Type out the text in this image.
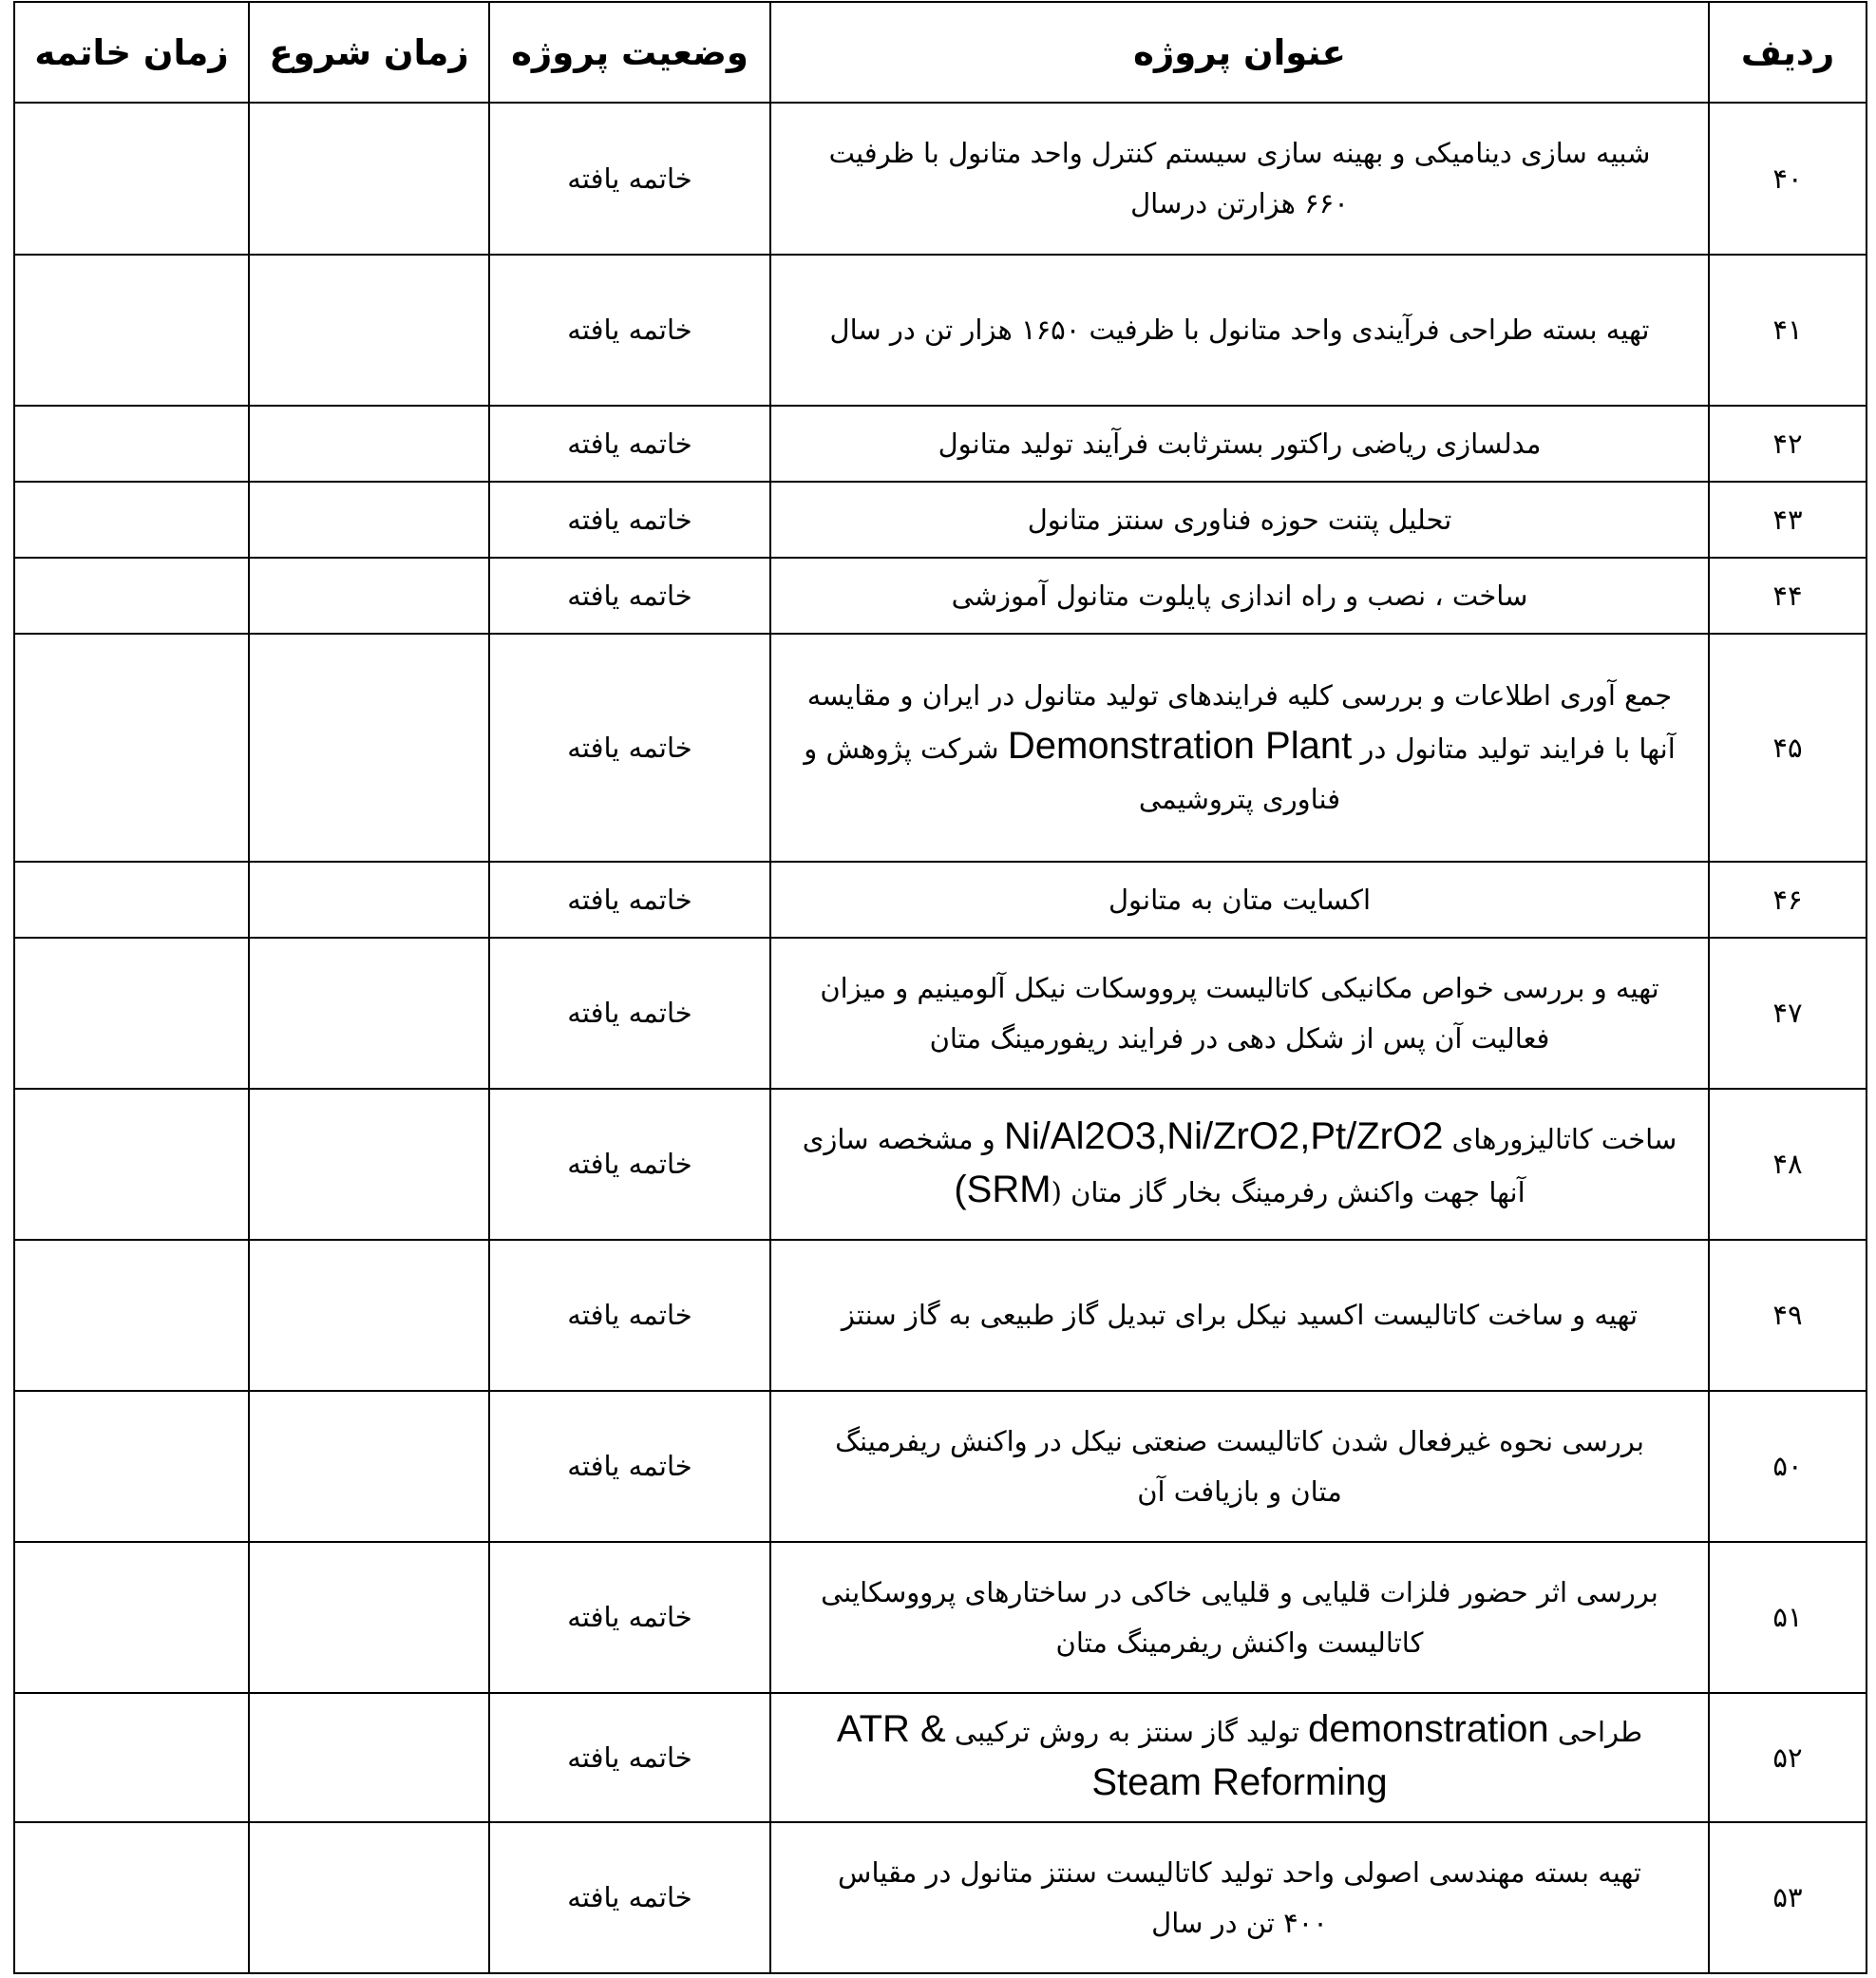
ردیف	عنوان پروژه	وضعیت پروژه	زمان شروع	زمان خاتمه
۴۰	شبیه سازی دینامیکی و بهینه سازی سیستم کنترل واحد متانول با ظرفیت ۶۶۰ هزارتن درسال	خاتمه یافته		
۴۱	تهیه بسته طراحی فرآیندی واحد متانول با ظرفیت ۱۶۵۰ هزار تن در سال	خاتمه یافته		
۴۲	مدلسازی ریاضی راکتور بسترثابت فرآیند تولید متانول	خاتمه یافته		
۴۳	تحلیل پتنت حوزه فناوری سنتز متانول	خاتمه یافته		
۴۴	ساخت ، نصب و راه اندازی پایلوت متانول آموزشی	خاتمه یافته		
۴۵	جمع آوری اطلاعات و بررسی کلیه فرایندهای تولید متانول در ایران و مقایسه آنها با فرایند تولید متانول در Demonstration Plant شرکت پژوهش و فناوری پتروشیمی	خاتمه یافته		
۴۶	اکسایت متان به متانول	خاتمه یافته		
۴۷	تهیه و بررسی خواص مکانیکی کاتالیست پرووسکات نیکل آلومینیم و میزان فعالیت آن پس از شکل دهی در فرایند ریفورمینگ متان	خاتمه یافته		
۴۸	ساخت کاتالیزورهای Ni/Al2O3,Ni/ZrO2,Pt/ZrO2 و مشخصه سازی آنها جهت واکنش رفرمینگ بخار گاز متان (SRM)	خاتمه یافته		
۴۹	تهیه و ساخت کاتالیست اکسید نیکل برای تبدیل گاز طبیعی به گاز سنتز	خاتمه یافته		
۵۰	بررسی نحوه غیرفعال شدن کاتالیست صنعتی نیکل در واکنش ریفرمینگ متان و بازیافت آن	خاتمه یافته		
۵۱	بررسی اثر حضور فلزات قلیایی و قلیایی خاکی در ساختارهای پرووسکاینی کاتالیست واکنش ریفرمینگ متان	خاتمه یافته		
۵۲	طراحی demonstration تولید گاز سنتز به روش ترکیبی ATR & Steam Reforming	خاتمه یافته		
۵۳	تهیه بسته مهندسی اصولی واحد تولید کاتالیست سنتز متانول در مقیاس ۴۰۰ تن در سال	خاتمه یافته		
